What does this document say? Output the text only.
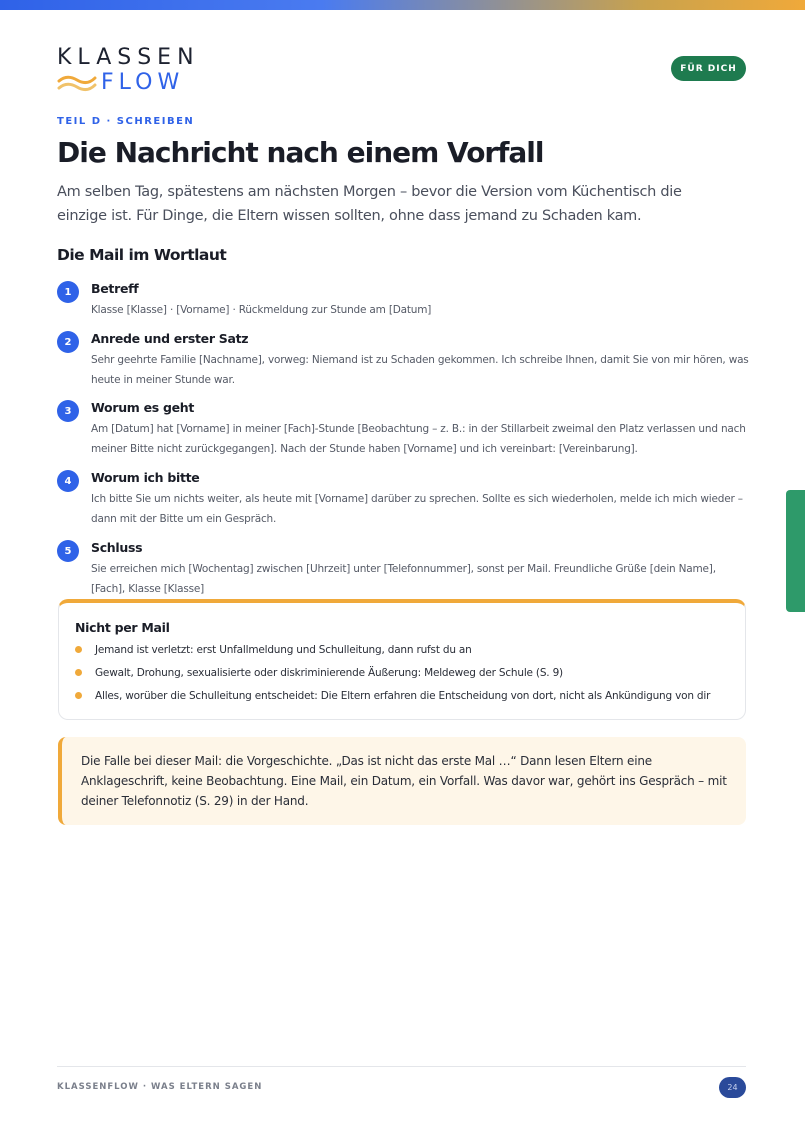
KLASSEN
FLOW
FÜR DICH
TEIL D · SCHREIBEN
Die Nachricht nach einem Vorfall

Am selben Tag, spätestens am nächsten Morgen – bevor die Version vom Küchentisch die einzige ist. Für Dinge, die Eltern wissen sollten, ohne dass jemand zu Schaden kam.

Die Mail im Wortlaut
1	Betreff
Klasse [Klasse] · [Vorname] · Rückmeldung zur Stunde am [Datum]
2	Anrede und erster Satz
Sehr geehrte Familie [Nachname], vorweg: Niemand ist zu Schaden gekommen. Ich schreibe Ihnen, damit Sie von mir hören, was heute in meiner Stunde war.
3	Worum es geht
Am [Datum] hat [Vorname] in meiner [Fach]-Stunde [Beobachtung – z. B.: in der Stillarbeit zweimal den Platz verlassen und nach meiner Bitte nicht zurückgegangen]. Nach der Stunde haben [Vorname] und ich vereinbart: [Vereinbarung].
4	Worum ich bitte
Ich bitte Sie um nichts weiter, als heute mit [Vorname] darüber zu sprechen. Sollte es sich wiederholen, melde ich mich wieder – dann mit der Bitte um ein Gespräch.
5	Schluss
Sie erreichen mich [Wochentag] zwischen [Uhrzeit] unter [Telefonnummer], sonst per Mail. Freundliche Grüße [dein Name], [Fach], Klasse [Klasse]
Nicht per Mail
Jemand ist verletzt: erst Unfallmeldung und Schulleitung, dann rufst du an
Gewalt, Drohung, sexualisierte oder diskriminierende Äußerung: Meldeweg der Schule (S. 9)
Alles, worüber die Schulleitung entscheidet: Die Eltern erfahren die Entscheidung von dort, nicht als Ankündigung von dir

Die Falle bei dieser Mail: die Vorgeschichte. „Das ist nicht das erste Mal …“ Dann lesen Eltern eine Anklageschrift, keine Beobachtung. Eine Mail, ein Datum, ein Vorfall. Was davor war, gehört ins Gespräch – mit deiner Telefonnotiz (S. 29) in der Hand.

KLASSENFLOW · WAS ELTERN SAGEN	24
